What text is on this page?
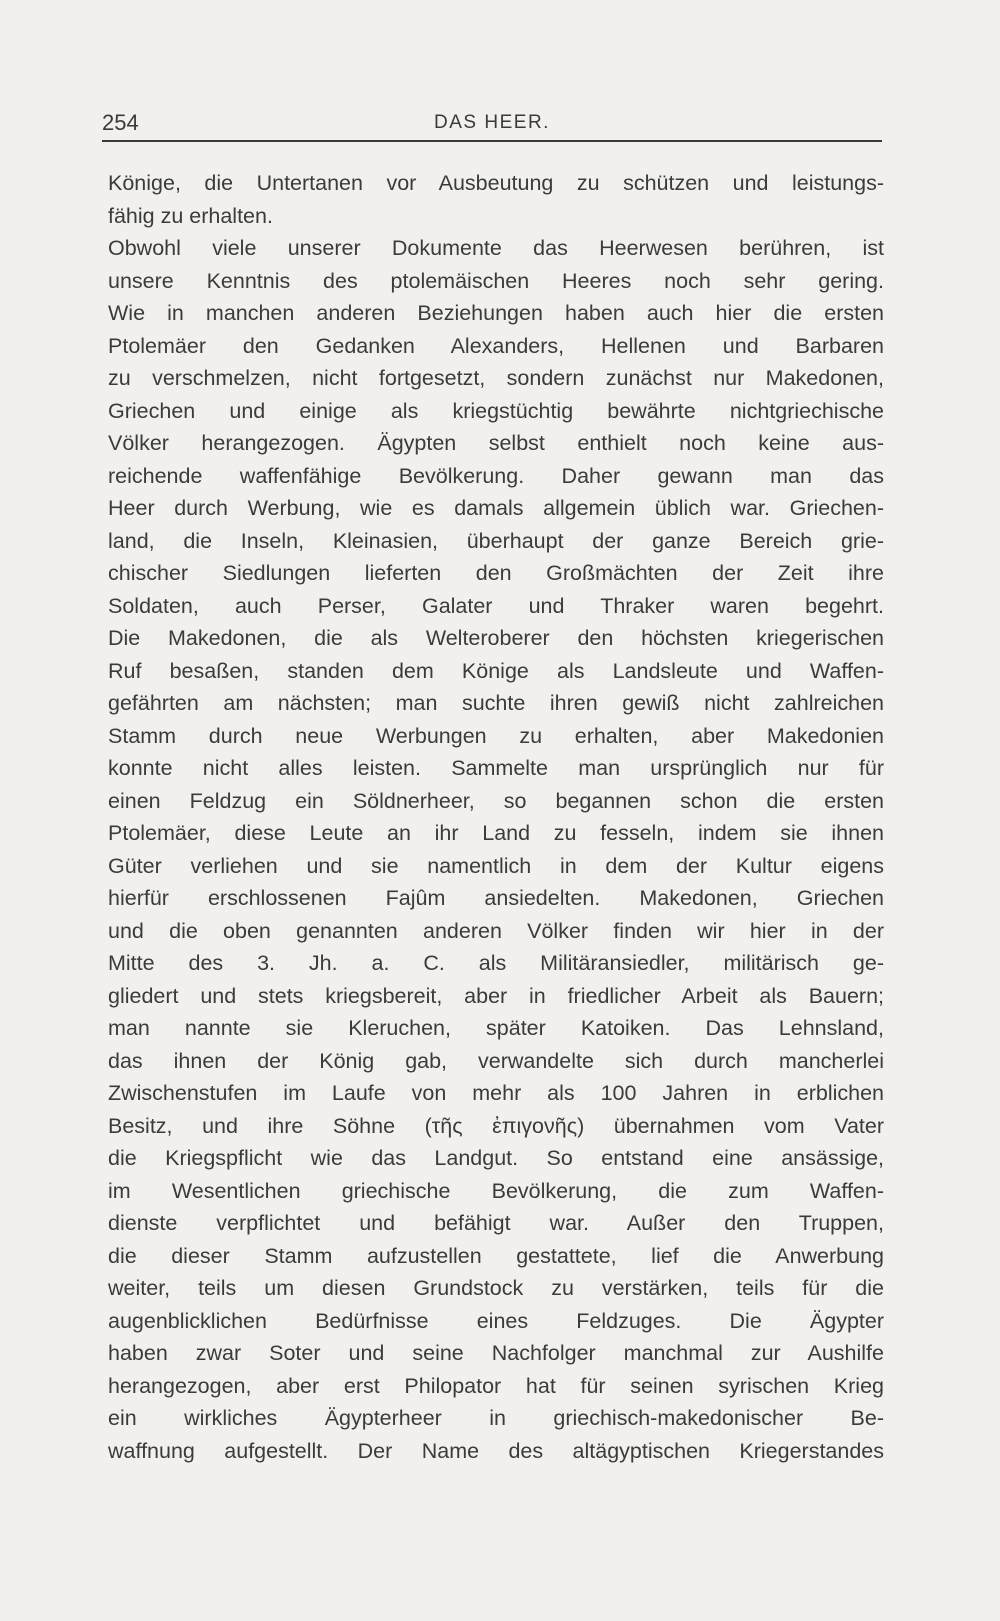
254	DAS HEER.
Könige, die Untertanen vor Ausbeutung zu schützen und leistungs-
fähig zu erhalten.
Obwohl viele unserer Dokumente das Heerwesen berühren, ist
unsere Kenntnis des ptolemäischen Heeres noch sehr gering.
Wie in manchen anderen Beziehungen haben auch hier die ersten
Ptolemäer den Gedanken Alexanders, Hellenen und Barbaren
zu verschmelzen, nicht fortgesetzt, sondern zunächst nur Makedonen,
Griechen und einige als kriegstüchtig bewährte nichtgriechische
Völker herangezogen. Ägypten selbst enthielt noch keine aus-
reichende waffenfähige Bevölkerung. Daher gewann man das
Heer durch Werbung, wie es damals allgemein üblich war. Griechen-
land, die Inseln, Kleinasien, überhaupt der ganze Bereich grie-
chischer Siedlungen lieferten den Großmächten der Zeit ihre
Soldaten, auch Perser, Galater und Thraker waren begehrt.
Die Makedonen, die als Welteroberer den höchsten kriegerischen
Ruf besaßen, standen dem Könige als Landsleute und Waffen-
gefährten am nächsten; man suchte ihren gewiß nicht zahlreichen
Stamm durch neue Werbungen zu erhalten, aber Makedonien
konnte nicht alles leisten. Sammelte man ursprünglich nur für
einen Feldzug ein Söldnerheer, so begannen schon die ersten
Ptolemäer, diese Leute an ihr Land zu fesseln, indem sie ihnen
Güter verliehen und sie namentlich in dem der Kultur eigens
hierfür erschlossenen Fajûm ansiedelten. Makedonen, Griechen
und die oben genannten anderen Völker finden wir hier in der
Mitte des 3. Jh. a. C. als Militäransiedler, militärisch ge-
gliedert und stets kriegsbereit, aber in friedlicher Arbeit als Bauern;
man nannte sie Kleruchen, später Katoiken. Das Lehnsland,
das ihnen der König gab, verwandelte sich durch mancherlei
Zwischenstufen im Laufe von mehr als 100 Jahren in erblichen
Besitz, und ihre Söhne (τῆς ἐπιγονῆς) übernahmen vom Vater
die Kriegspflicht wie das Landgut. So entstand eine ansässige,
im Wesentlichen griechische Bevölkerung, die zum Waffen-
dienste verpflichtet und befähigt war. Außer den Truppen,
die dieser Stamm aufzustellen gestattete, lief die Anwerbung
weiter, teils um diesen Grundstock zu verstärken, teils für die
augenblicklichen Bedürfnisse eines Feldzuges. Die Ägypter
haben zwar Soter und seine Nachfolger manchmal zur Aushilfe
herangezogen, aber erst Philopator hat für seinen syrischen Krieg
ein wirkliches Ägypterheer in griechisch-makedonischer Be-
waffnung aufgestellt. Der Name des altägyptischen Kriegerstandes
